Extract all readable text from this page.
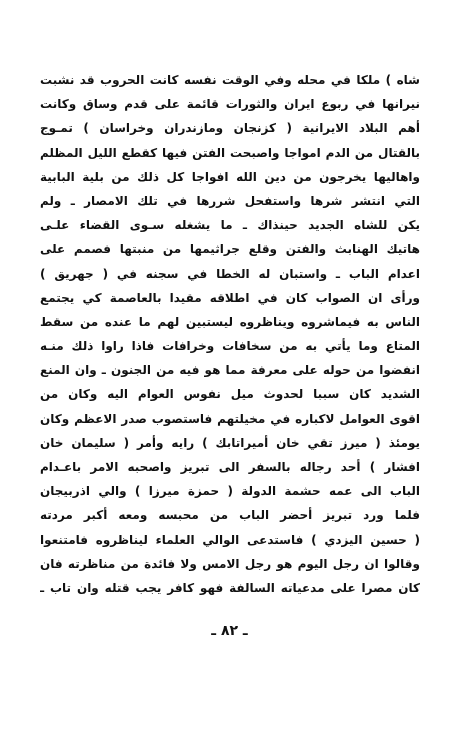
شاه ) ملكا في محله وفي الوقت نفسه كانت الحروب قد نشبت
نيرانها في ربوع ايران والثورات قائمة على قدم وساق وكانت
أهم البلاد الايرانية ( كزنجان ومازندران وخراسان ) تمـوج
بالقتال من الدم امواجا واصبحت الفتن فيها كقطع الليل المظلم
واهاليها يخرجون من دين الله افواجا كل ذلك من بلية البابية
التي انتشر شرها واستفحل شررها في تلك الامصار ـ ولم
يكن للشاه الجديد حينذاك ـ ما يشغله سـوى القضاء علـى
هاتيك الهنابث والفتن وقلع جراثيمها من منبتها فصمم على
اعدام الباب ـ واستبان له الخطا في سجنه في ( جهريق )
ورأى ان الصواب كان في اطلاقه مقيدا بالعاصمة كي يجتمع
الناس به فيماشروه ويناظروه ليستبين لهم ما عنده من سقط
المتاع وما يأتي به من سخافات وخرافات فاذا راوا ذلك منـه
انفضوا من حوله على معرفة مما هو فيه من الجنون ـ وان المنع
الشديد كان سببا لحدوث ميل نفوس العوام اليه وكان من
اقوى العوامل لاكباره في مخيلتهم فاستصوب صدر الاعظم وكان
يومئذ ( ميرز تقي خان أميراتابك ) رايه وأمر ( سليمان خان
افشار ) أحد رجاله بالسفر الى تبريز واصحبه الامر باعـدام
الباب الى عمه حشمة الدولة ( حمزة ميرزا ) والي اذربيجان
فلما ورد تبريز أحضر الباب من محبسه ومعه أكبر مردته
( حسين اليزدي ) فاستدعى الوالي العلماء ليناظروه فامتنعوا
وقالوا ان رجل اليوم هو رجل الامس ولا فائدة من مناظرته فان
كان مصرا على مدعياته السالفة فهو كافر يجب قتله وان تاب ـ
ـ ٨٢ ـ
